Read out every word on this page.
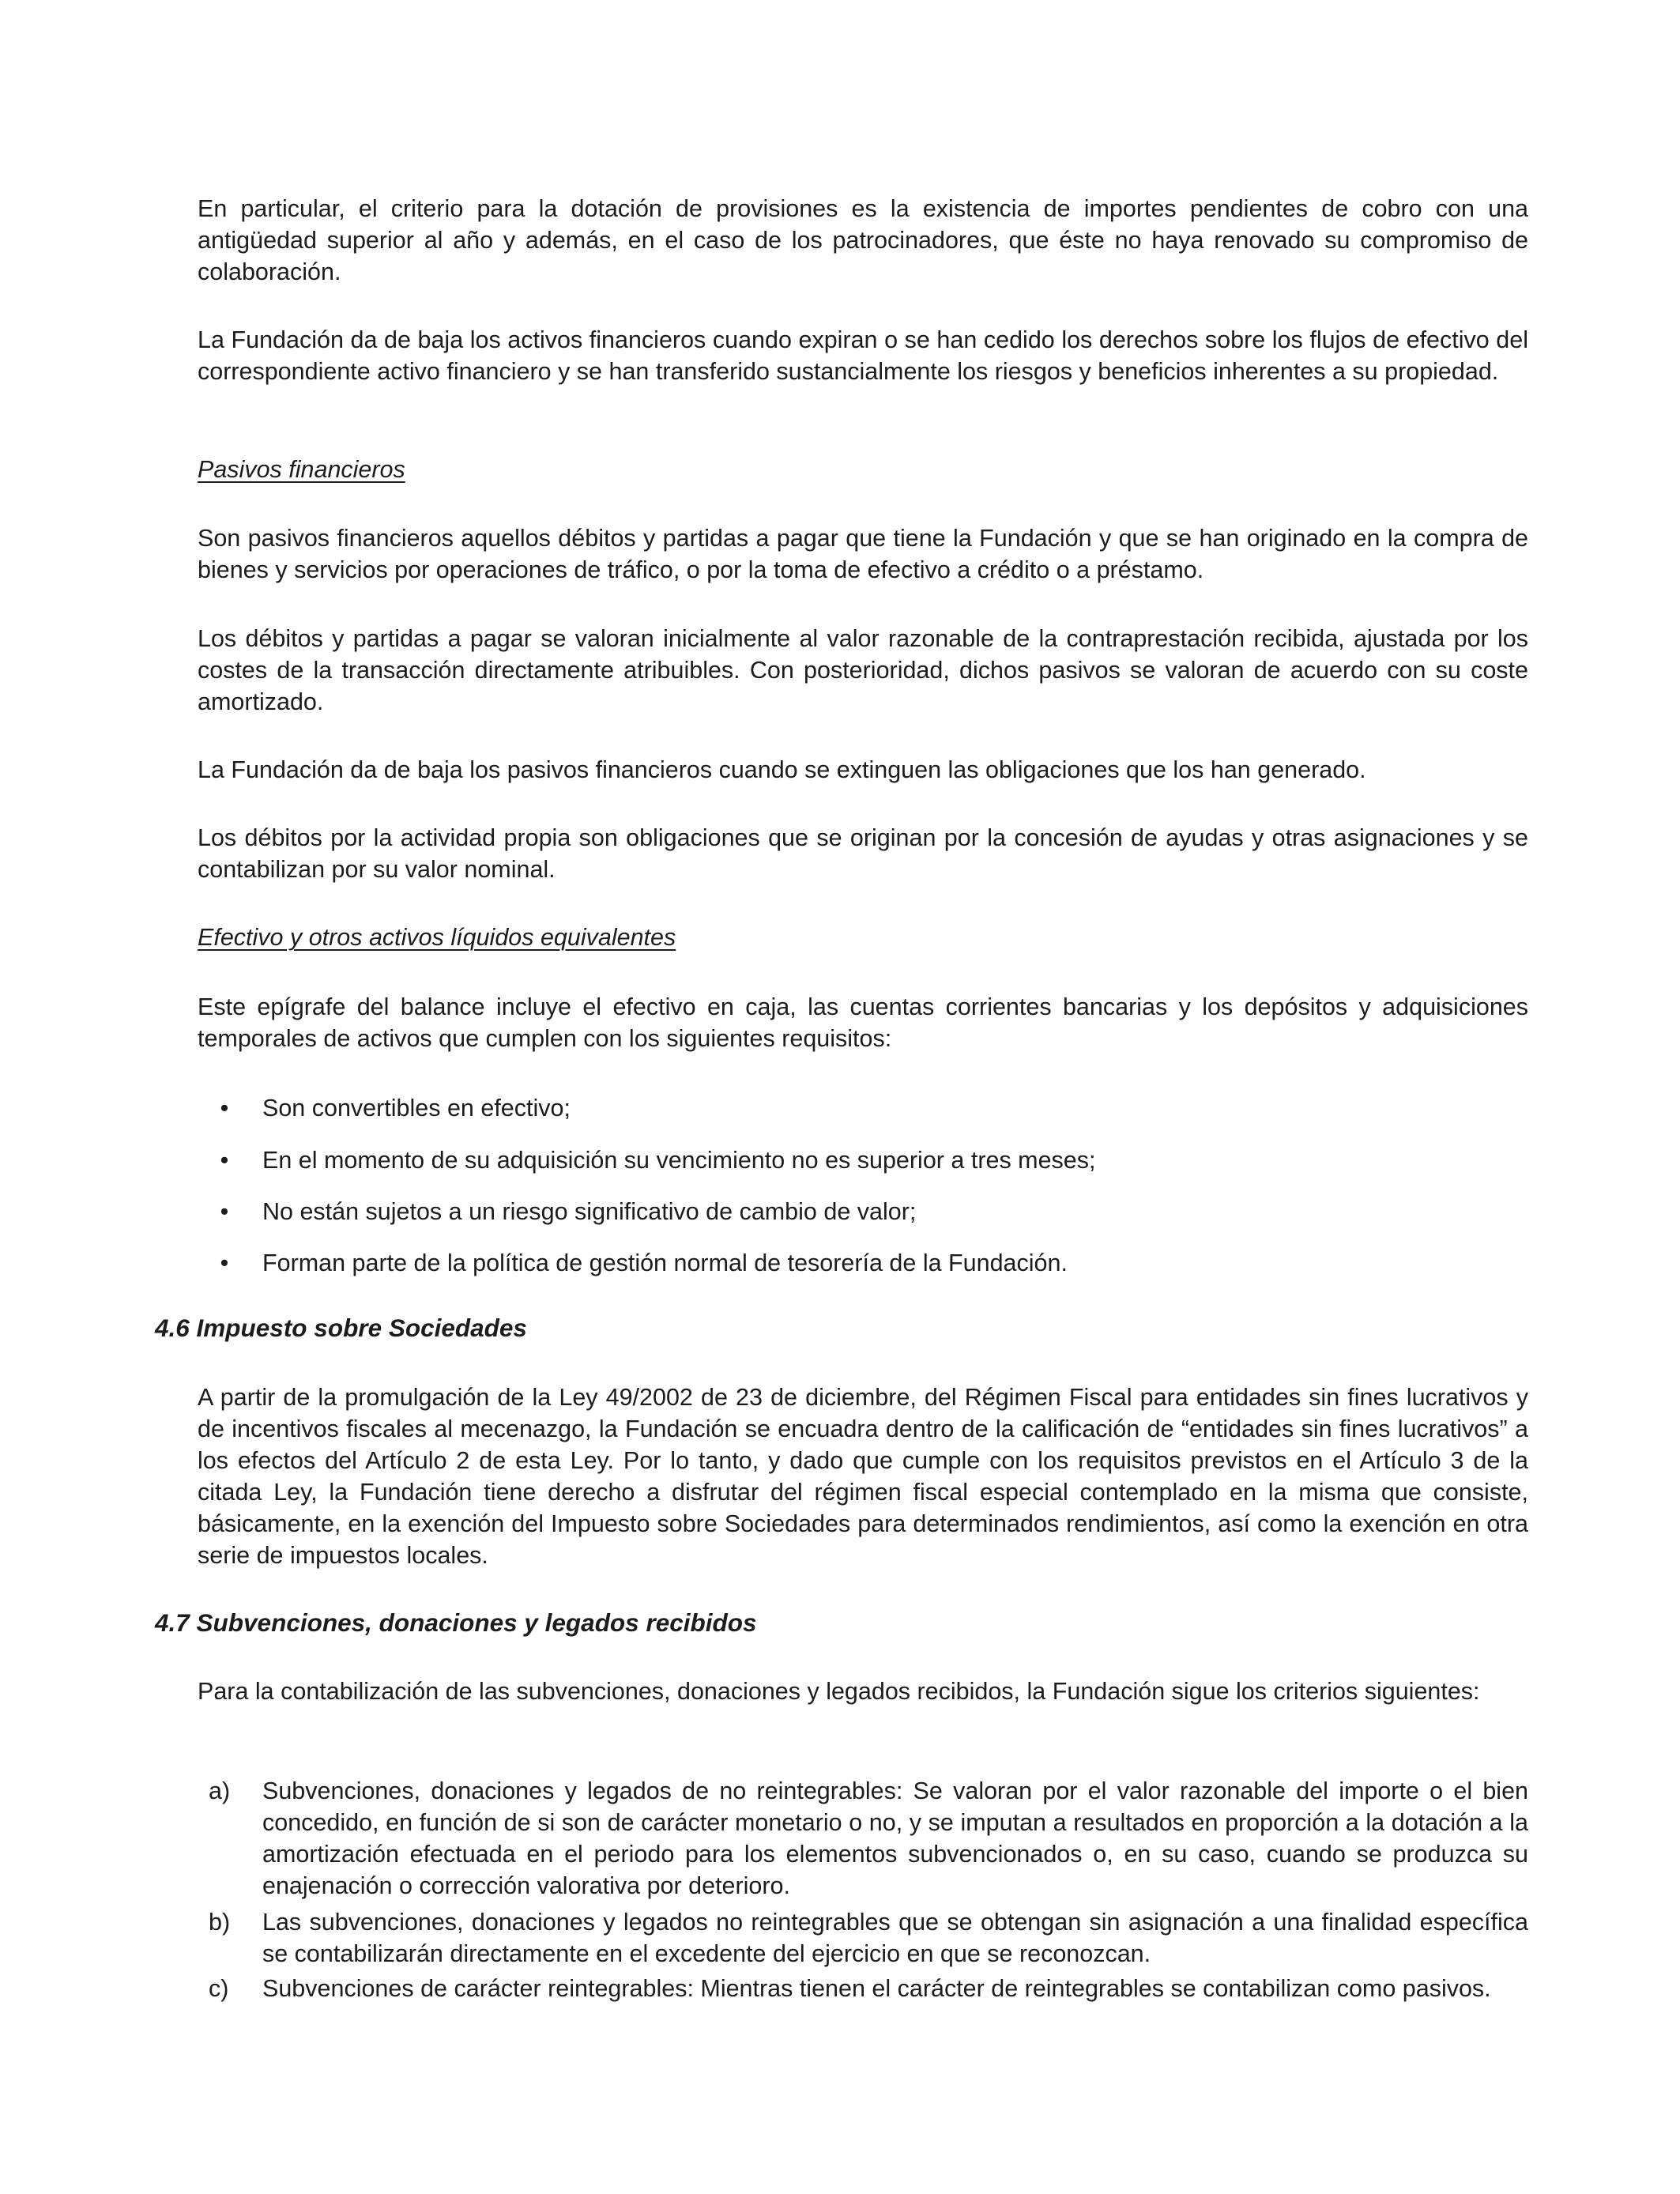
En particular, el criterio para la dotación de provisiones es la existencia de importes pendientes de cobro con una antigüedad superior al año y además, en el caso de los patrocinadores, que éste no haya renovado su compromiso de colaboración.

La Fundación da de baja los activos financieros cuando expiran o se han cedido los derechos sobre los flujos de efectivo del correspondiente activo financiero y se han transferido sustancialmente los riesgos y beneficios inherentes a su propiedad.

Pasivos financieros

Son pasivos financieros aquellos débitos y partidas a pagar que tiene la Fundación y que se han originado en la compra de bienes y servicios por operaciones de tráfico, o por la toma de efectivo a crédito o a préstamo.

Los débitos y partidas a pagar se valoran inicialmente al valor razonable de la contraprestación recibida, ajustada por los costes de la transacción directamente atribuibles. Con posterioridad, dichos pasivos se valoran de acuerdo con su coste amortizado.

La Fundación da de baja los pasivos financieros cuando se extinguen las obligaciones que los han generado.

Los débitos por la actividad propia son obligaciones que se originan por la concesión de ayudas y otras asignaciones y se contabilizan por su valor nominal.

Efectivo y otros activos líquidos equivalentes

Este epígrafe del balance incluye el efectivo en caja, las cuentas corrientes bancarias y los depósitos y adquisiciones temporales de activos que cumplen con los siguientes requisitos:

• Son convertibles en efectivo;
• En el momento de su adquisición su vencimiento no es superior a tres meses;
• No están sujetos a un riesgo significativo de cambio de valor;
• Forman parte de la política de gestión normal de tesorería de la Fundación.
4.6 Impuesto sobre Sociedades

A partir de la promulgación de la Ley 49/2002 de 23 de diciembre, del Régimen Fiscal para entidades sin fines lucrativos y de incentivos fiscales al mecenazgo, la Fundación se encuadra dentro de la calificación de “entidades sin fines lucrativos” a los efectos del Artículo 2 de esta Ley. Por lo tanto, y dado que cumple con los requisitos previstos en el Artículo 3 de la citada Ley, la Fundación tiene derecho a disfrutar del régimen fiscal especial contemplado en la misma que consiste, básicamente, en la exención del Impuesto sobre Sociedades para determinados rendimientos, así como la exención en otra serie de impuestos locales.

4.7 Subvenciones, donaciones y legados recibidos

Para la contabilización de las subvenciones, donaciones y legados recibidos, la Fundación sigue los criterios siguientes:

a) Subvenciones, donaciones y legados de no reintegrables: Se valoran por el valor razonable del importe o el bien concedido, en función de si son de carácter monetario o no, y se imputan a resultados en proporción a la dotación a la amortización efectuada en el periodo para los elementos subvencionados o, en su caso, cuando se produzca su enajenación o corrección valorativa por deterioro.

b) Las subvenciones, donaciones y legados no reintegrables que se obtengan sin asignación a una finalidad específica se contabilizarán directamente en el excedente del ejercicio en que se reconozcan.

c) Subvenciones de carácter reintegrables: Mientras tienen el carácter de reintegrables se contabilizan como pasivos.
